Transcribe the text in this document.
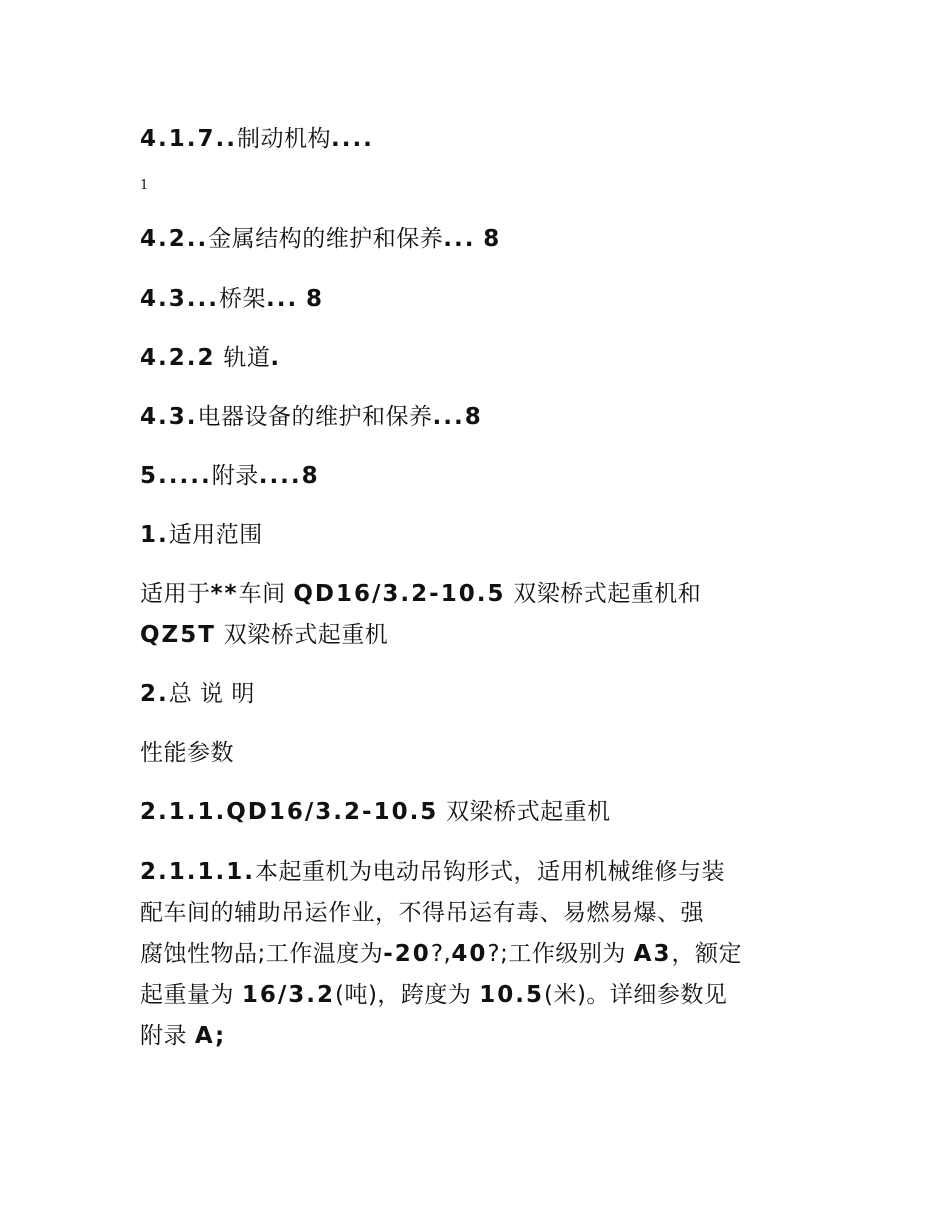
4.1.7..制动机构....
1
4.2..金属结构的维护和保养... 8
4.3...桥架... 8
4.2.2 轨道.
4.3.电器设备的维护和保养...8
5.....附录....8
1.适用范围
适用于**车间 QD16/3.2-10.5 双梁桥式起重机和
QZ5T 双梁桥式起重机
2.总 说 明
性能参数
2.1.1.QD16/3.2-10.5 双梁桥式起重机
2.1.1.1.本起重机为电动吊钩形式，适用机械维修与装
配车间的辅助吊运作业，不得吊运有毒、易燃易爆、强
腐蚀性物品;工作温度为-20?,40?;工作级别为 A3，额定
起重量为 16/3.2(吨)，跨度为 10.5(米)。详细参数见
附录 A;
